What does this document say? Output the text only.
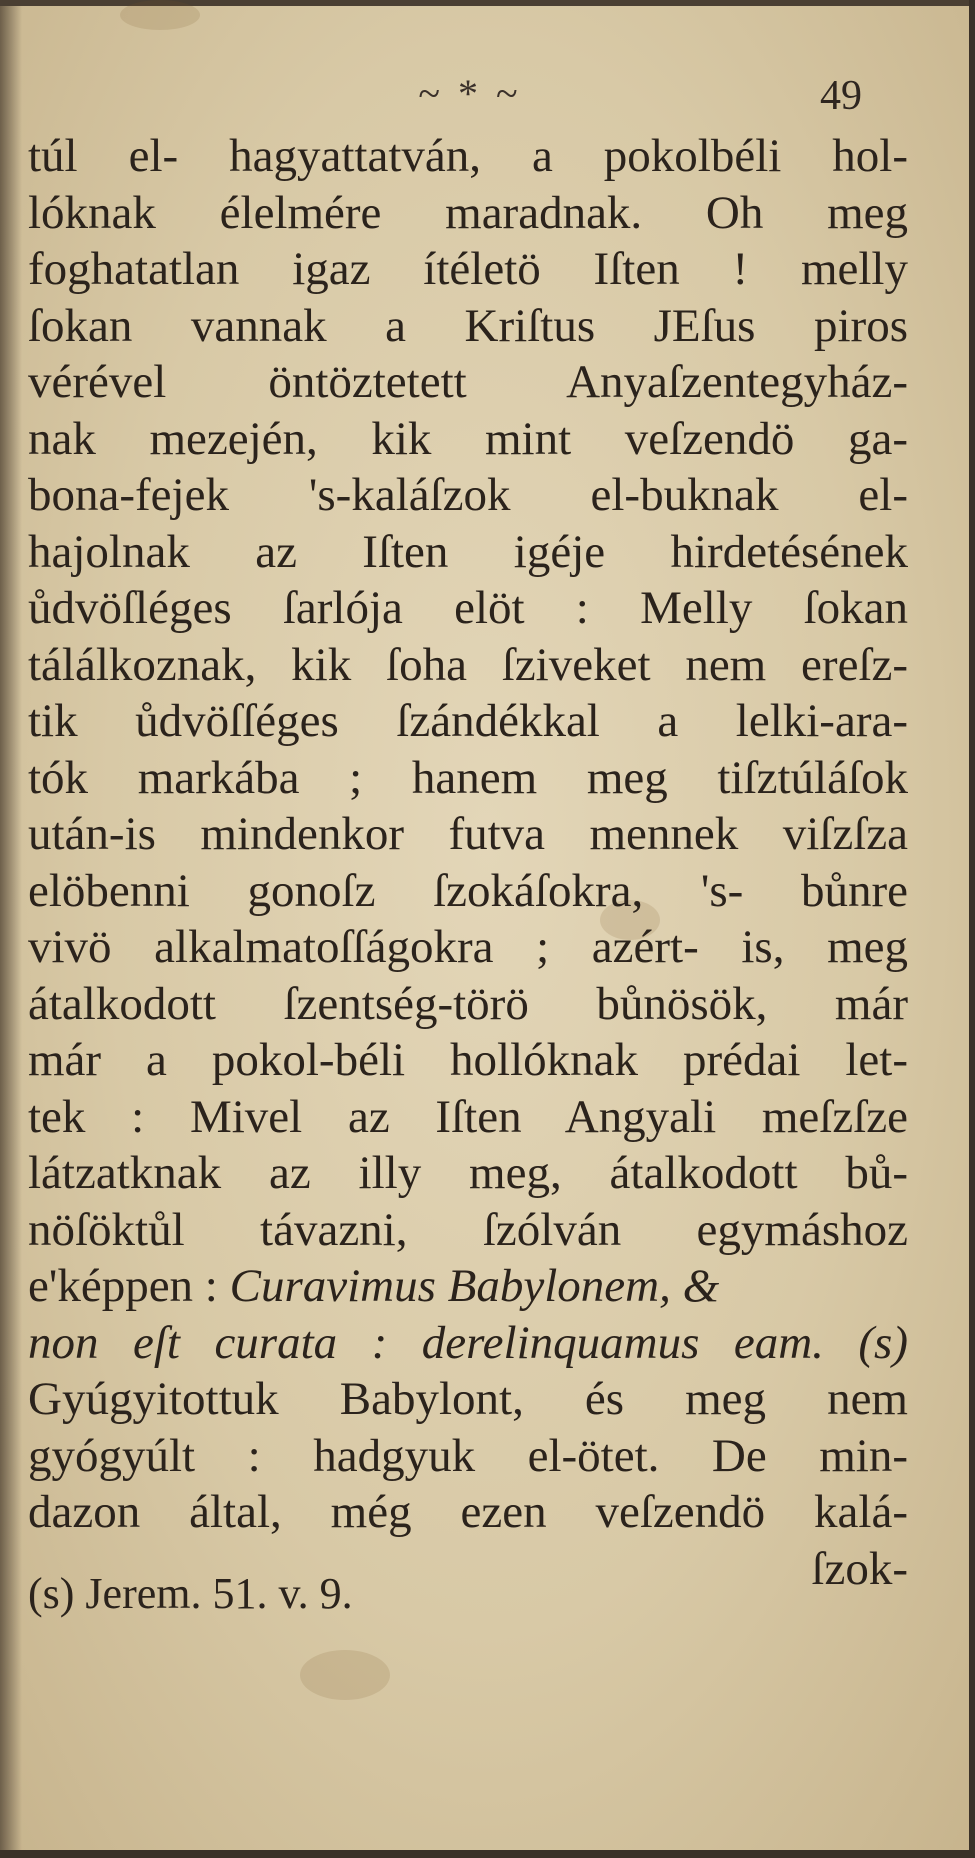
~ * ~	49
túl el- hagyattatván, a pokolbéli hol-
lóknak élelmére maradnak. Oh meg
foghatatlan igaz ítéletö Iſten ! melly
ſokan vannak a Kriſtus JEſus piros
vérével öntöztetett Anyaſzentegyház-
nak mezején, kik mint veſzendö ga-
bona-fejek 's-kaláſzok el-buknak el-
hajolnak az Iſten igéje hirdetésének
ůdvöſléges ſarlója elöt : Melly ſokan
tálálkoznak, kik ſoha ſziveket nem ereſz-
tik ůdvöſſéges ſzándékkal a lelki-ara-
tók markába ; hanem meg tiſztúláſok
után-is mindenkor futva mennek viſzſza
elöbenni gonoſz ſzokáſokra, 's- bůnre
vivö alkalmatoſſágokra ; azért- is, meg
átalkodott ſzentség-törö bůnösök, már
már a pokol-béli hollóknak prédai let-
tek : Mivel az Iſten Angyali meſzſze
látzatknak az illy meg, átalkodott bů-
nöſöktůl távazni, ſzólván egymáshoz
e'képpen : Curavimus Babylonem, &
non eſt curata : derelinquamus eam. (s)
Gyúgyitottuk Babylont, és meg nem
gyógyúlt : hadgyuk el-ötet. De min-
dazon által, még ezen veſzendö kalá-
ſzok-
(s) Jerem. 51. v. 9.
